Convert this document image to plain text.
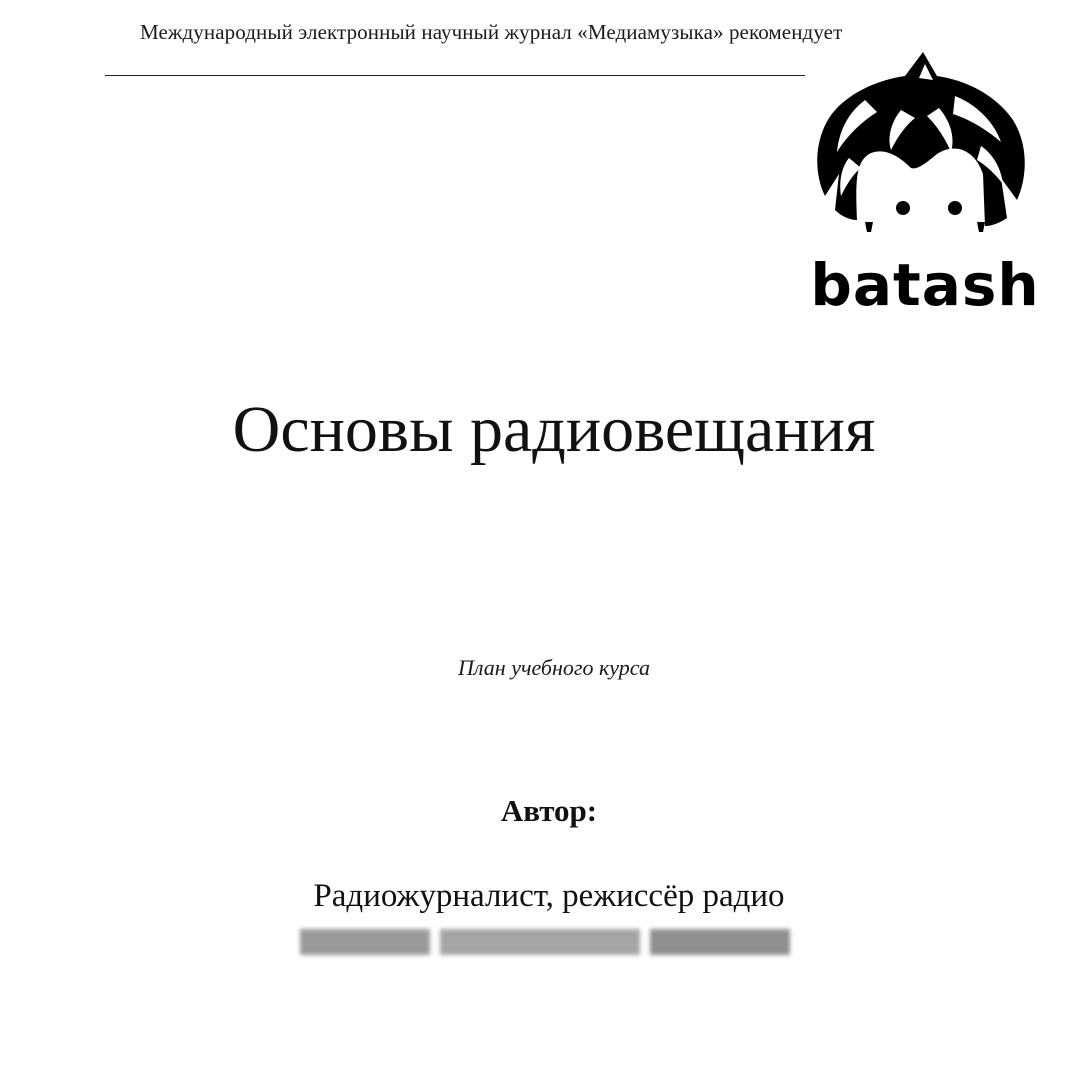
Международный электронный научный журнал «Медиамузыка» рекомендует
Основы радиовещания
План учебного курса
Автор:
Радиожурналист, режиссёр радио
batash
